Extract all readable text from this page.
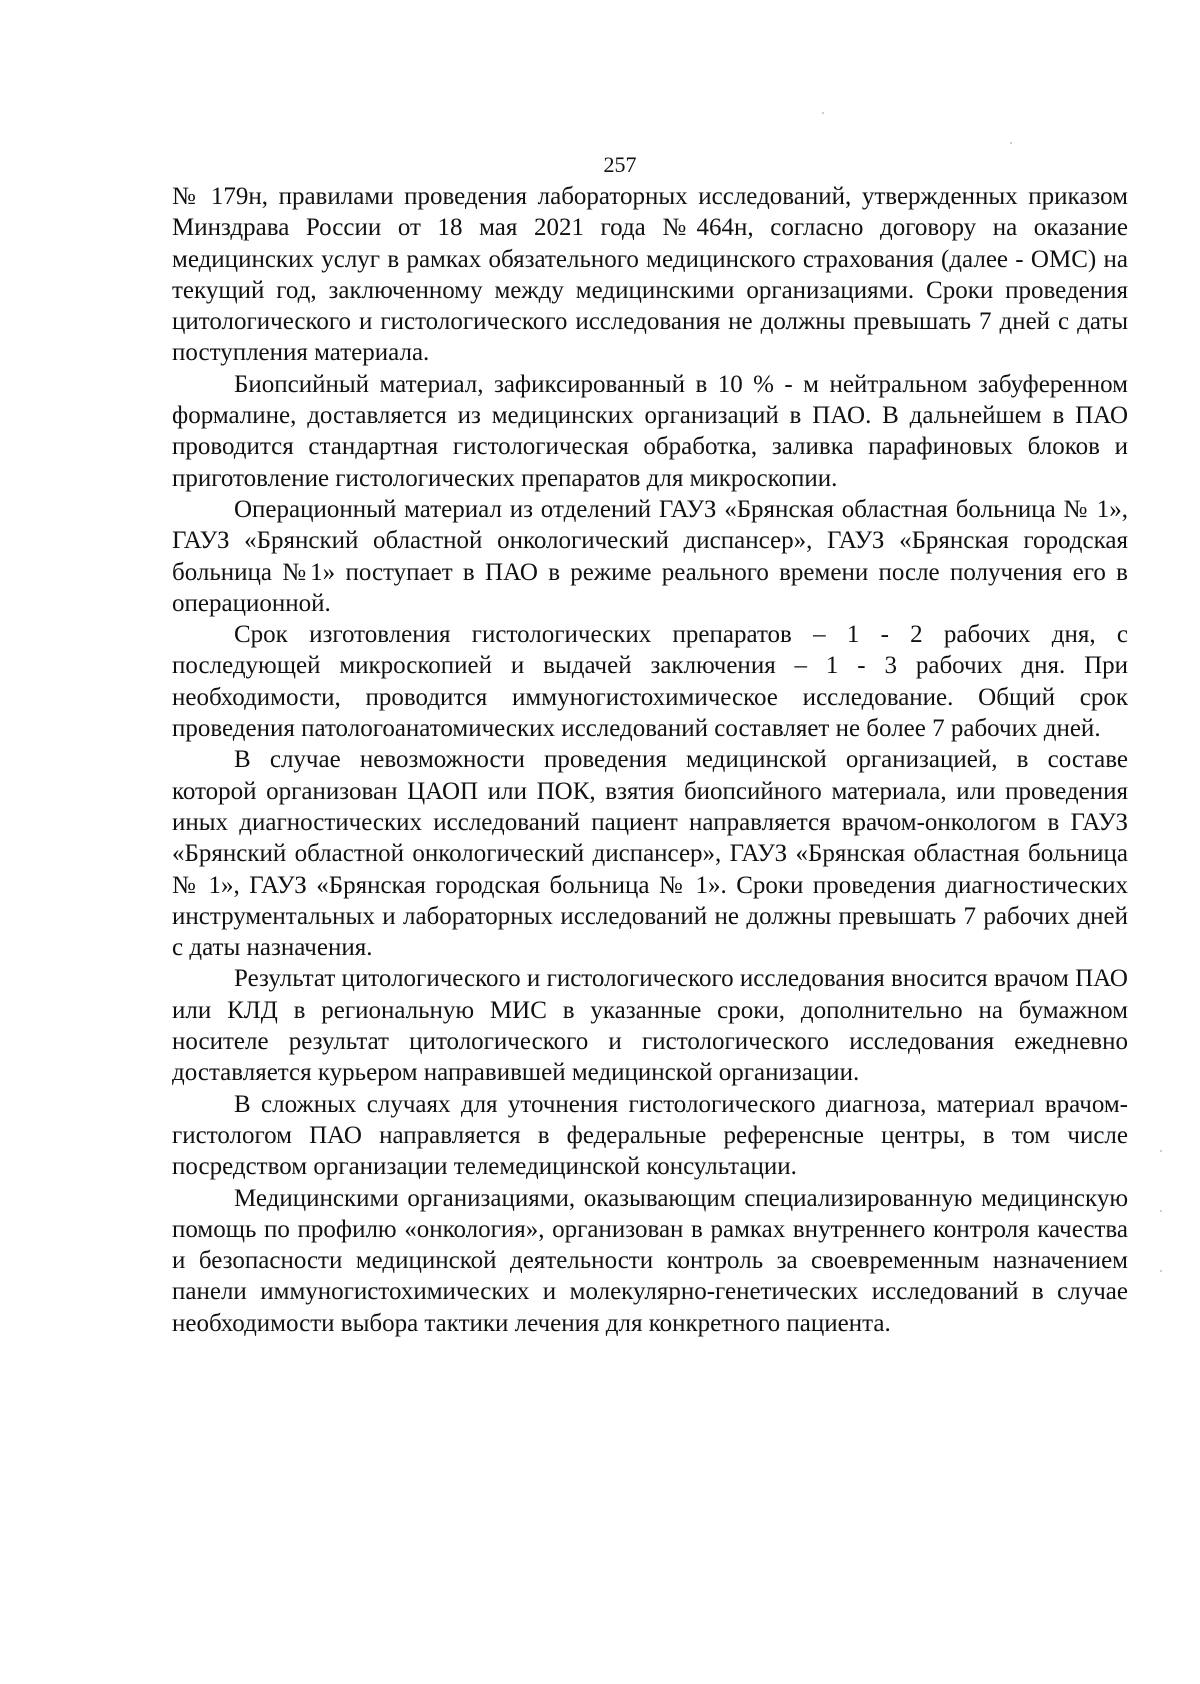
257

№ 179н, правилами проведения лабораторных исследований, утвержденных приказом Минздрава России от 18 мая 2021 года №464н, согласно договору на оказание медицинских услуг в рамках обязательного медицинского страхования (далее - ОМС) на текущий год, заключенному между медицинскими организациями. Сроки проведения цитологического и гистологического исследования не должны превышать 7 дней с даты поступления материала.

Биопсийный материал, зафиксированный в 10 % - м нейтральном забуференном формалине, доставляется из медицинских организаций в ПАО. В дальнейшем в ПАО проводится стандартная гистологическая обработка, заливка парафиновых блоков и приготовление гистологических препаратов для микроскопии.

Операционный материал из отделений ГАУЗ «Брянская областная больница № 1», ГАУЗ «Брянский областной онкологический диспансер», ГАУЗ «Брянская городская больница №1» поступает в ПАО в режиме реального времени после получения его в операционной.

Срок изготовления гистологических препаратов – 1 - 2 рабочих дня, с последующей микроскопией и выдачей заключения – 1 - 3 рабочих дня. При необходимости, проводится иммуногистохимическое исследование. Общий срок проведения патологоанатомических исследований составляет не более 7 рабочих дней.

В случае невозможности проведения медицинской организацией, в составе которой организован ЦАОП или ПОК, взятия биопсийного материала, или проведения иных диагностических исследований пациент направляется врачом-онкологом в ГАУЗ «Брянский областной онкологический диспансер», ГАУЗ «Брянская областная больница № 1», ГАУЗ «Брянская городская больница № 1». Сроки проведения диагностических инструментальных и лабораторных исследований не должны превышать 7 рабочих дней с даты назначения.

Результат цитологического и гистологического исследования вносится врачом ПАО или КЛД в региональную МИС в указанные сроки, дополнительно на бумажном носителе результат цитологического и гистологического исследования ежедневно доставляется курьером направившей медицинской организации.

В сложных случаях для уточнения гистологического диагноза, материал врачом-гистологом ПАО направляется в федеральные референсные центры, в том числе посредством организации телемедицинской консультации.

Медицинскими организациями, оказывающим специализированную медицинскую помощь по профилю «онкология», организован в рамках внутреннего контроля качества и безопасности медицинской деятельности контроль за своевременным назначением панели иммуногистохимических и молекулярно-генетических исследований в случае необходимости выбора тактики лечения для конкретного пациента.
